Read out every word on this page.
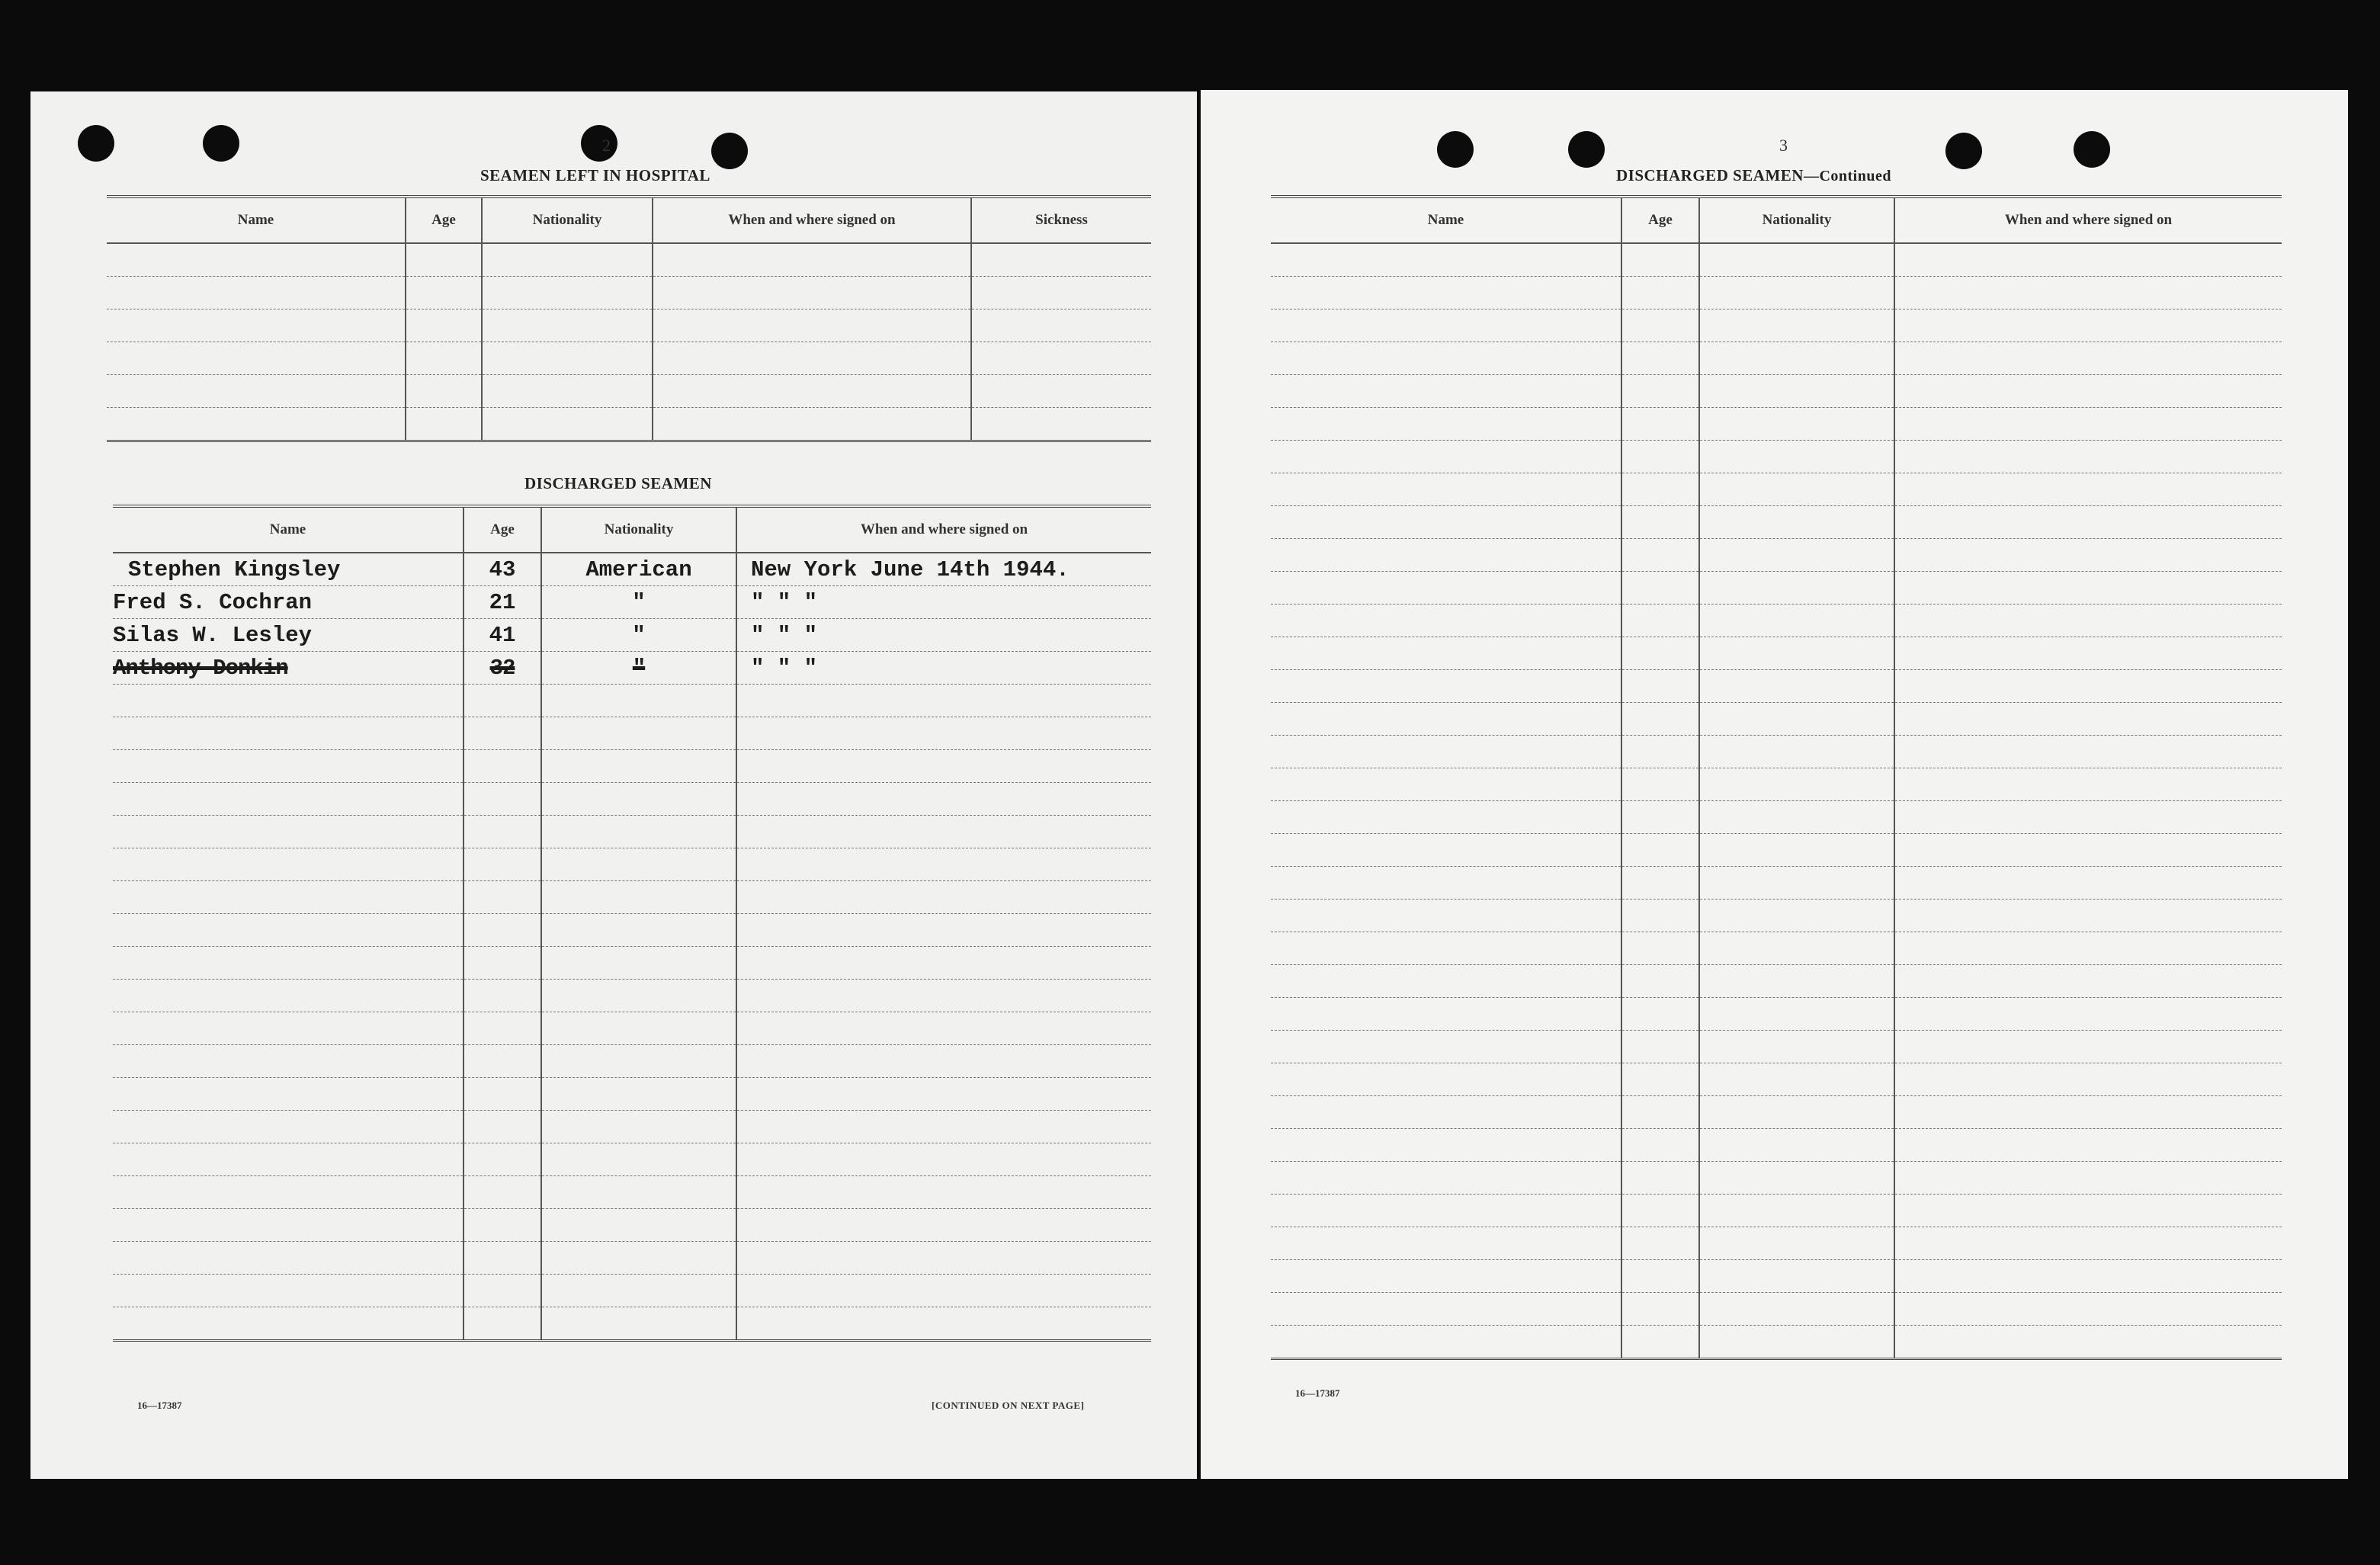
2
SEAMEN LEFT IN HOSPITAL
Name	Age	Nationality	When and where signed on	Sickness

DISCHARGED SEAMEN
Name	Age	Nationality	When and where signed on
Stephen Kingsley	43	American	New York June 14th 1944.
Fred S. Cochran	21	"	" " "
Silas W. Lesley	41	"	" " "
Anthony Donkin	32	"	" " "

16—17387	[CONTINUED ON NEXT PAGE]
3
DISCHARGED SEAMEN—Continued
Name	Age	Nationality	When and where signed on

16—17387
